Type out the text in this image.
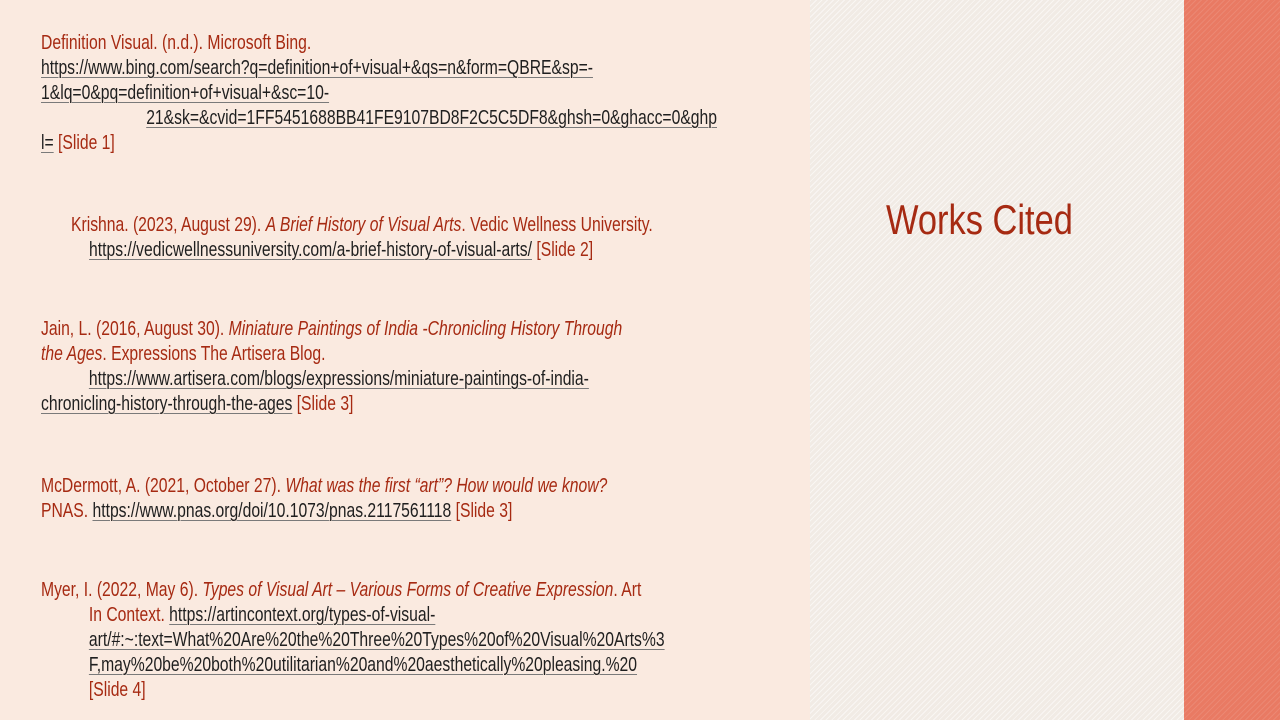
Works Cited
Definition Visual. (n.d.). Microsoft Bing.
https://www.bing.com/search?q=definition+of+visual+&qs=n&form=QBRE&sp=-
1&lq=0&pq=definition+of+visual+&sc=10-
21&sk=&cvid=1FF5451688BB41FE9107BD8F2C5C5DF8&ghsh=0&ghacc=0&ghp
l= [Slide 1]
Krishna. (2023, August 29). A Brief History of Visual Arts. Vedic Wellness University.
https://vedicwellnessuniversity.com/a-brief-history-of-visual-arts/ [Slide 2]
Jain, L. (2016, August 30). Miniature Paintings of India -Chronicling History Through
the Ages. Expressions The Artisera Blog.
https://www.artisera.com/blogs/expressions/miniature-paintings-of-india-
chronicling-history-through-the-ages [Slide 3]
McDermott, A. (2021, October 27). What was the first “art”? How would we know?
PNAS. https://www.pnas.org/doi/10.1073/pnas.2117561118 [Slide 3]
Myer, I. (2022, May 6). Types of Visual Art – Various Forms of Creative Expression. Art
In Context. https://artincontext.org/types-of-visual-
art/#:~:text=What%20Are%20the%20Three%20Types%20of%20Visual%20Arts%3
F,may%20be%20both%20utilitarian%20and%20aesthetically%20pleasing.%20
[Slide 4]
